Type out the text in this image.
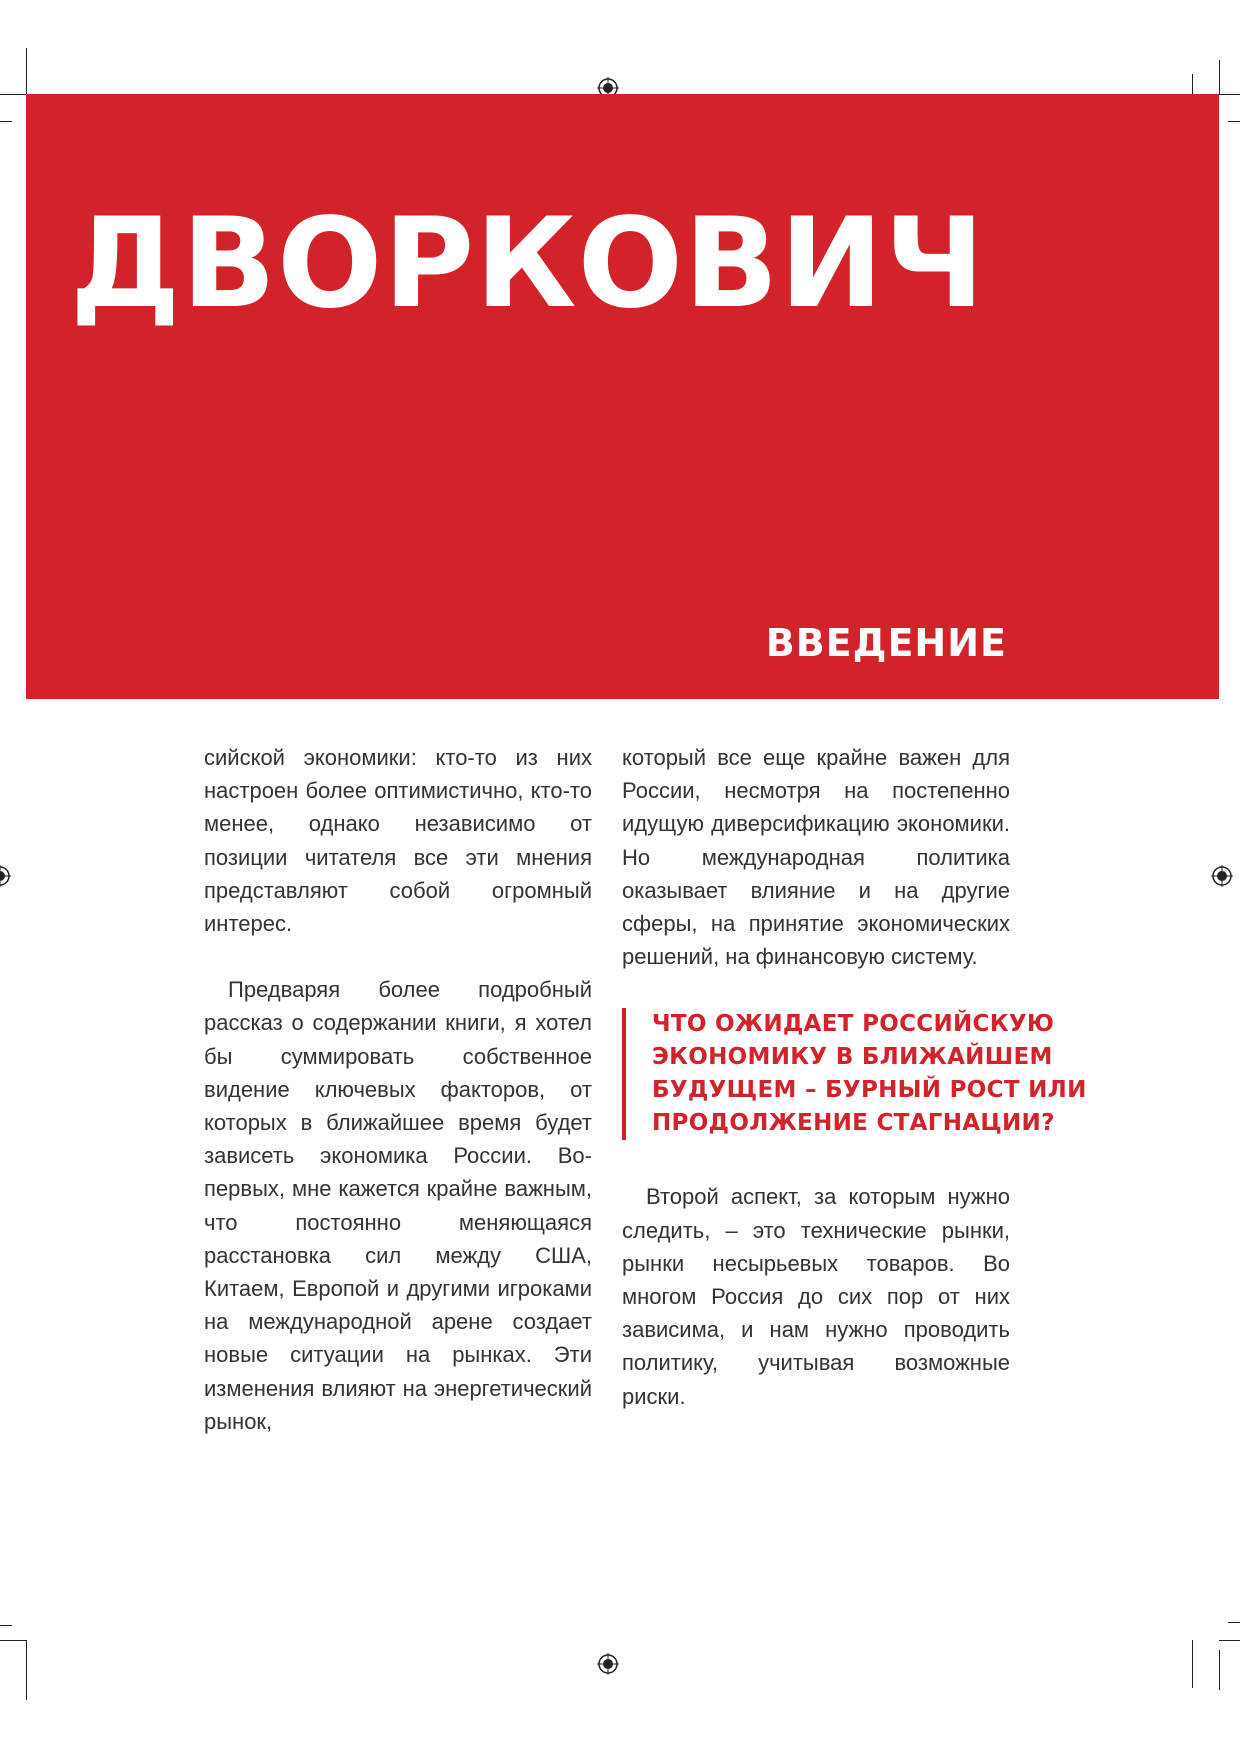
ДВОРКОВИЧ
ВВЕДЕНИЕ

сийской экономики: кто-то из них настроен более оптимистично, кто-то менее, однако независимо от позиции читателя все эти мнения представляют собой огромный интерес.

Предваряя более подробный рассказ о содержании книги, я хотел бы суммировать собственное видение ключевых факторов, от которых в ближайшее время будет зависеть экономика России. Во-первых, мне кажется крайне важным, что постоянно меняющаяся расстановка сил между США, Китаем, Европой и другими игроками на международной арене создает новые ситуации на рынках. Эти изменения влияют на энергетический рынок,

который все еще крайне важен для России, несмотря на постепенно идущую диверсификацию экономики. Но международная политика оказывает влияние и на другие сферы, на принятие экономических решений, на финансовую систему.

ЧТО ОЖИДАЕТ РОССИЙСКУЮ ЭКОНОМИКУ В БЛИЖАЙШЕМ БУДУЩЕМ – БУРНЫЙ РОСТ ИЛИ ПРОДОЛЖЕНИЕ СТАГНАЦИИ?

Второй аспект, за которым нужно следить, – это технические рынки, рынки несырьевых товаров. Во многом Россия до сих пор от них зависима, и нам нужно проводить политику, учитывая возможные риски.
